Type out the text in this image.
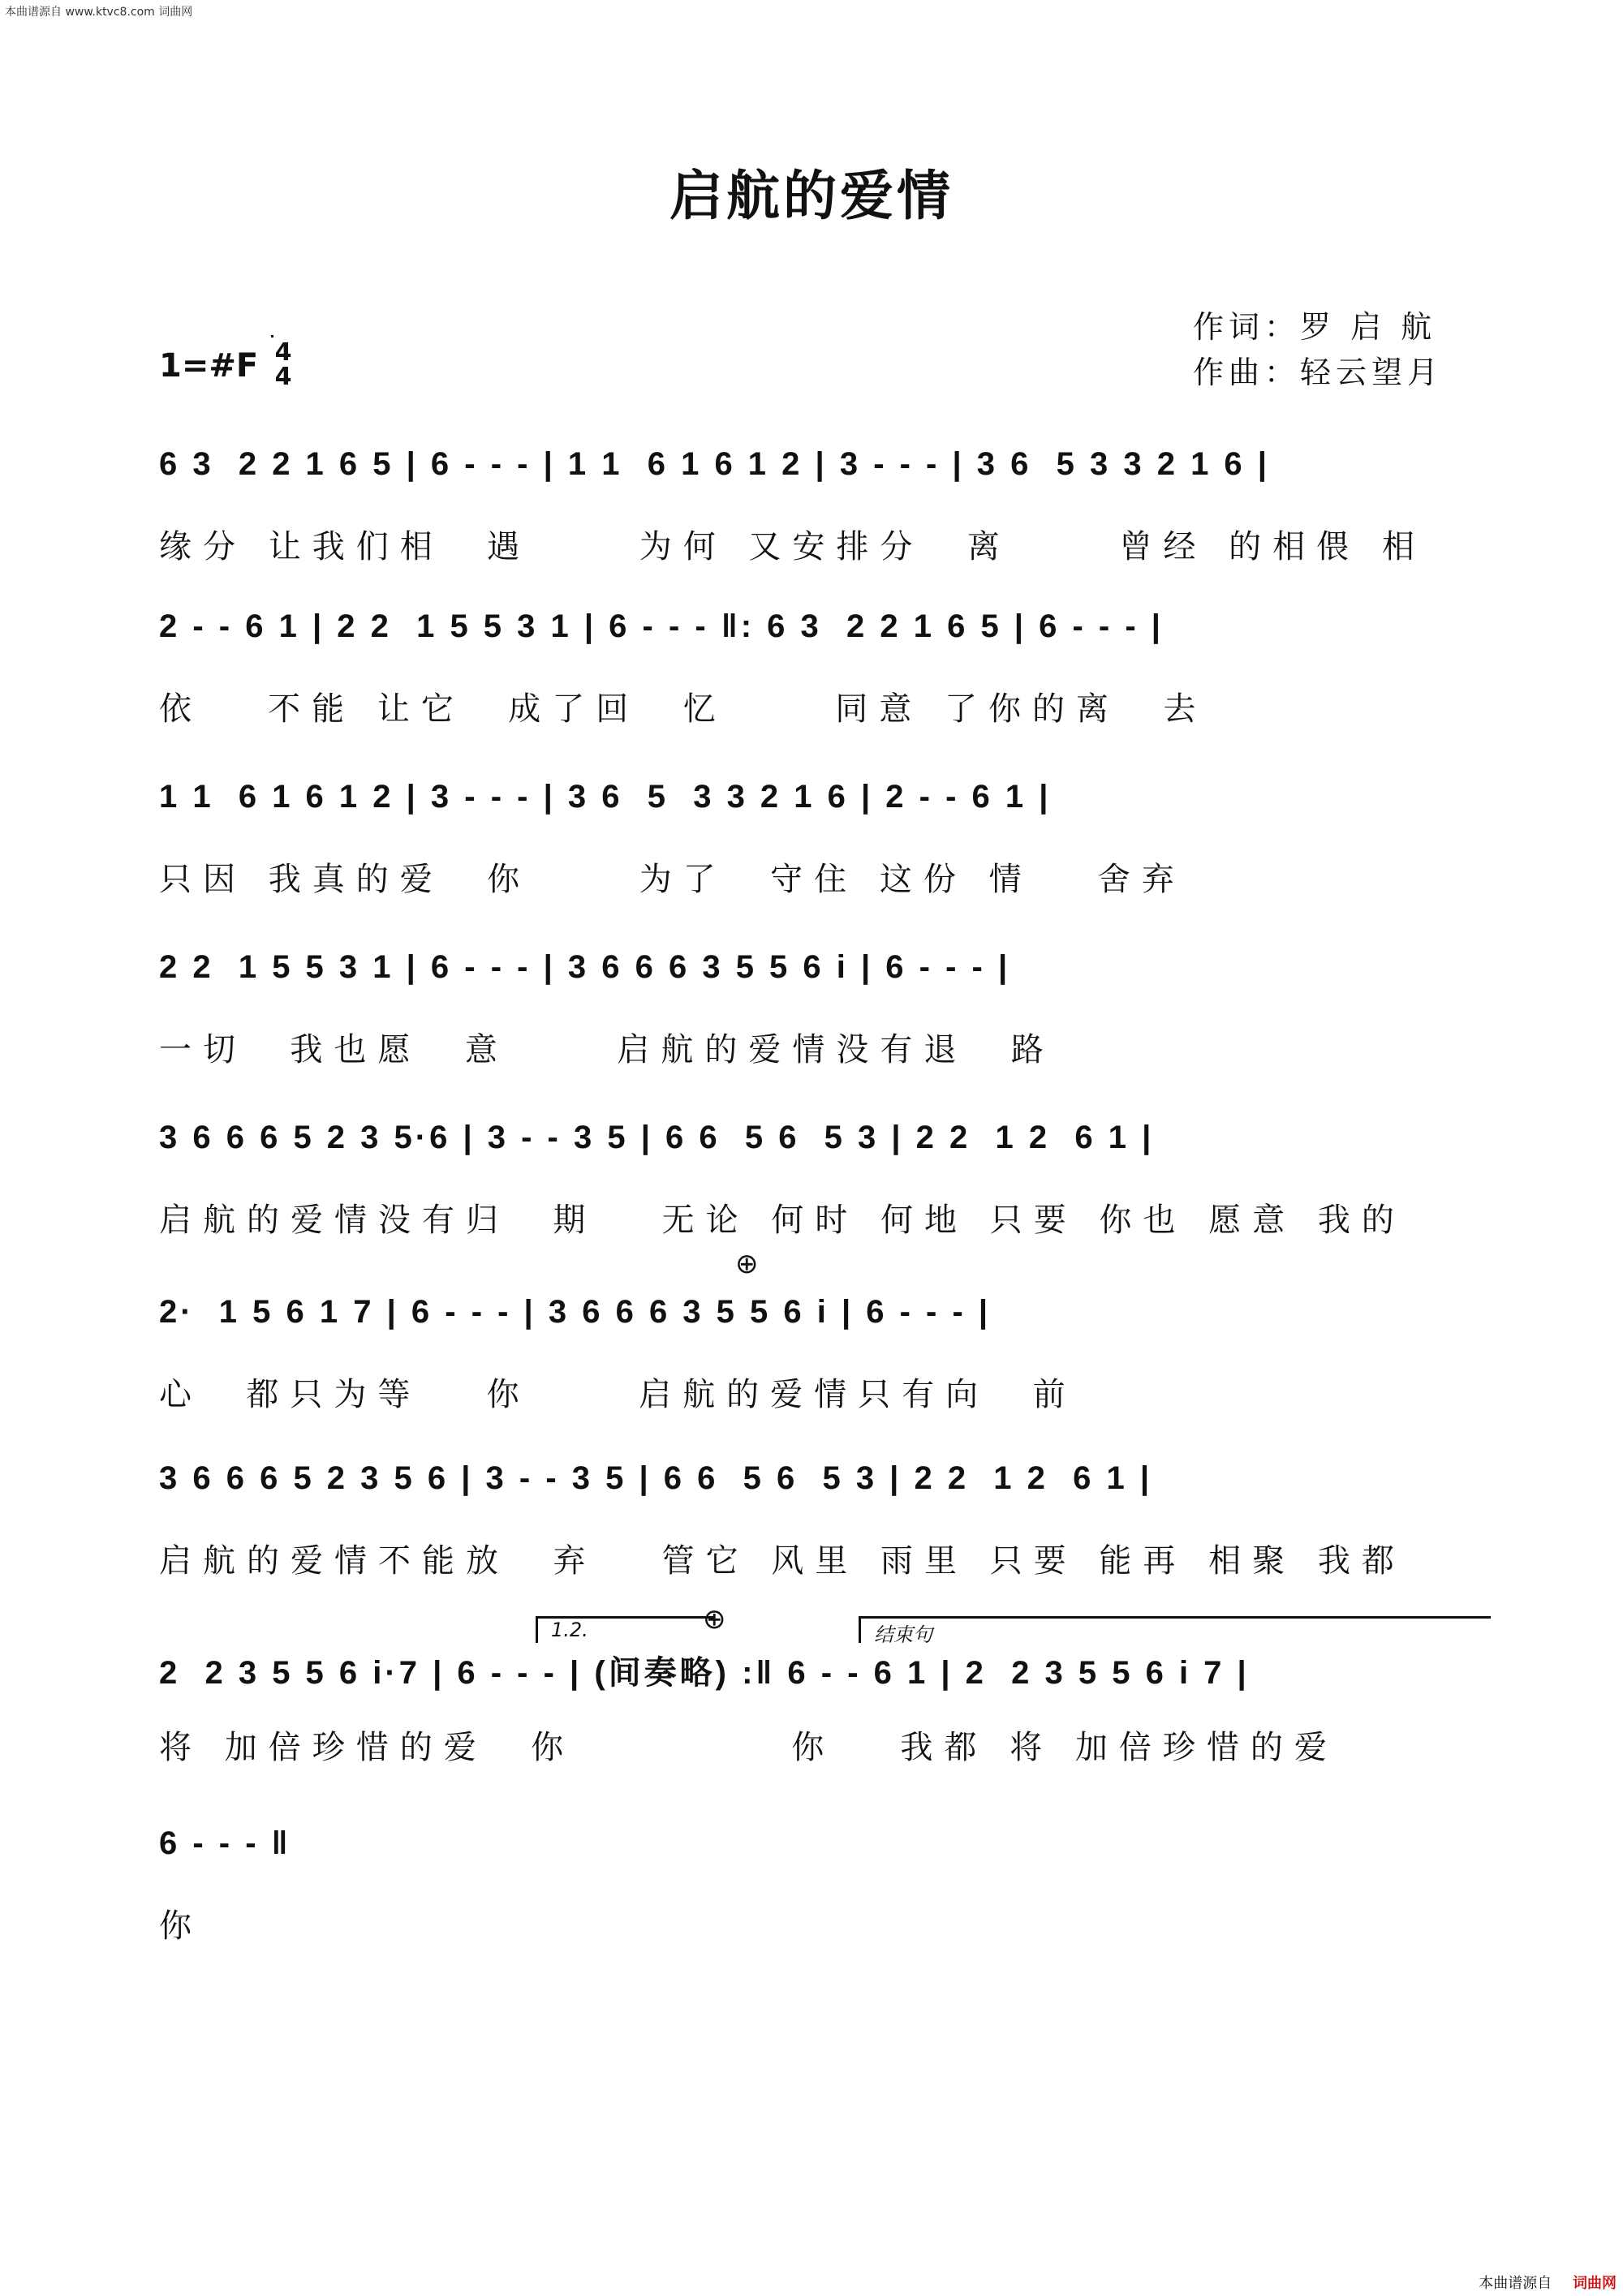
本曲谱源自 www.ktvc8.com 词曲网
启航的爱情
作词：罗 启 航
作曲：轻云望月
1=#F 4
4
6 3  2 2 1 6 5 | 6 - - - | 1 1  6 1 6 1 2 | 3 - - - | 3 6  5 3 3 2 1 6 |
缘分 让我们相  遇     为何 又安排分  离     曾经 的相偎 相
2 - - 6 1 | 2 2  1 5 5 3 1 | 6 - - - ‖: 6 3  2 2 1 6 5 | 6 - - - |
依   不能 让它  成了回  忆     同意 了你的离  去
1 1  6 1 6 1 2 | 3 - - - | 3 6  5  3 3 2 1 6 | 2 - - 6 1 |
只因 我真的爱  你     为了  守住 这份 情   舍弃
2 2  1 5 5 3 1 | 6 - - - | 3 6 6 6 3 5 5 6 i | 6 - - - |
一切  我也愿  意     启航的爱情没有退  路
3 6 6 6 5 2 3 5·6 | 3 - - 3 5 | 6 6  5 6  5 3 | 2 2  1 2  6 1 |
启航的爱情没有归  期   无论 何时 何地 只要 你也 愿意 我的
2·  1 5 6 1 7 | 6 - - - | 3 6 6 6 3 5 5 6 i | 6 - - - |
心  都只为等   你     启航的爱情只有向  前
3 6 6 6 5 2 3 5 6 | 3 - - 3 5 | 6 6  5 6  5 3 | 2 2  1 2  6 1 |
启航的爱情不能放  弃   管它 风里 雨里 只要 能再 相聚 我都
2  2 3 5 5 6 i·7 | 6 - - - | (间奏略) :‖ 6 - - 6 1 | 2  2 3 5 5 6 i 7 |
将 加倍珍惜的爱  你          你   我都 将 加倍珍惜的爱
6 - - - ‖
你
⊕
⊕
1.2.	结束句
本曲谱源自 词曲网
